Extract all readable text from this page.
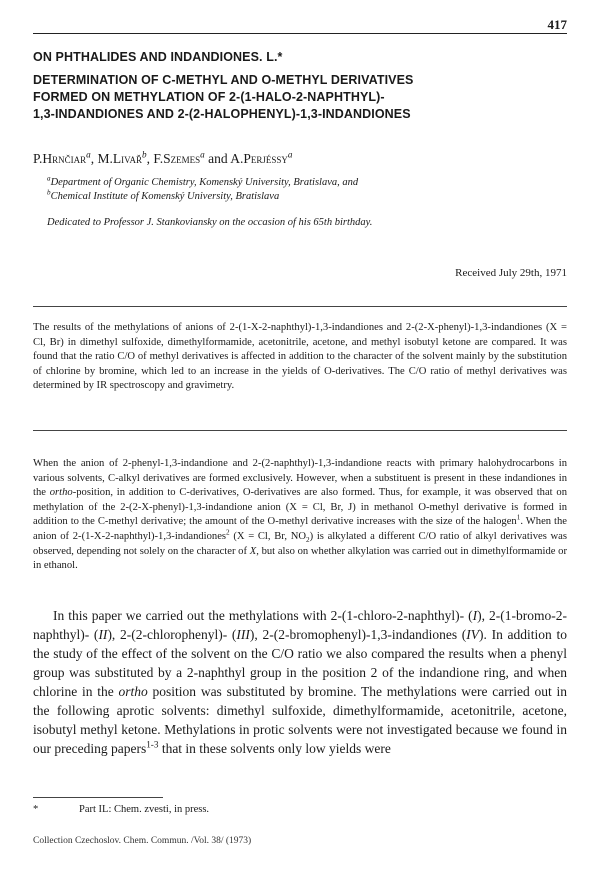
417
ON PHTHALIDES AND INDANDIONES. L.*
DETERMINATION OF C-METHYL AND O-METHYL DERIVATIVES
FORMED ON METHYLATION OF 2-(1-HALO-2-NAPHTHYL)-
1,3-INDANDIONES AND 2-(2-HALOPHENYL)-1,3-INDANDIONES
P.Hrnčiar$^a$, M.Livař$^b$, F.Szemes$^a$ and A.Perjéssy$^a$
$^a$Department of Organic Chemistry, Komenský University, Bratislava, and
$^b$Chemical Institute of Komenský University, Bratislava
Dedicated to Professor J. Stankoviansky on the occasion of his 65th birthday.
Received July 29th, 1971

The results of the methylations of anions of 2-(1-X-2-naphthyl)-1,3-indandiones and 2-(2-X-phenyl)-1,3-indandiones (X = Cl, Br) in dimethyl sulfoxide, dimethylformamide, acetonitrile, acetone, and methyl isobutyl ketone are compared. It was found that the ratio C/O of methyl derivatives is affected in addition to the character of the solvent mainly by the substitution of chlorine by bromine, which led to an increase in the yields of O-derivatives. The C/O ratio of methyl derivatives was determined by IR spectroscopy and gravimetry.

When the anion of 2-phenyl-1,3-indandione and 2-(2-naphthyl)-1,3-indandione reacts with primary halohydrocarbons in various solvents, C-alkyl derivatives are formed exclusively. However, when a substituent is present in these indandiones in the ortho-position, in addition to C-derivatives, O-derivatives are also formed. Thus, for example, it was observed that on methylation of the 2-(2-X-phenyl)-1,3-indandione anion (X = Cl, Br, J) in methanol O-methyl derivative is formed in addition to the C-methyl derivative; the amount of the O-methyl derivative increases with the size of the halogen$^1$. When the anion of 2-(1-X-2-naphthyl)-1,3-indandiones$^2$ (X = Cl, Br, $NO_2$) is alkylated a different C/O ratio of alkyl derivatives was observed, depending not solely on the character of X, but also on whether alkylation was carried out in dimethylformamide or in ethanol.

In this paper we carried out the methylations with 2-(1-chloro-2-naphthyl)- (I), 2-(1-bromo-2-naphthyl)- (II), 2-(2-chlorophenyl)- (III), 2-(2-bromophenyl)-1,3-indandiones (IV). In addition to the study of the effect of the solvent on the C/O ratio we also compared the results when a phenyl group was substituted by a 2-naphthyl group in the position 2 of the indandione ring, and when chlorine in the ortho position was substituted by bromine. The methylations were carried out in the following aprotic solvents: dimethyl sulfoxide, dimethylformamide, acetonitrile, acetone, isobutyl methyl ketone. Methylations in protic solvents were not investigated because we found in our preceding papers$^{1-3}$ that in these solvents only low yields were

*	Part IL: Chem. zvesti, in press.
Collection Czechoslov. Chem. Commun. /Vol. 38/ (1973)
